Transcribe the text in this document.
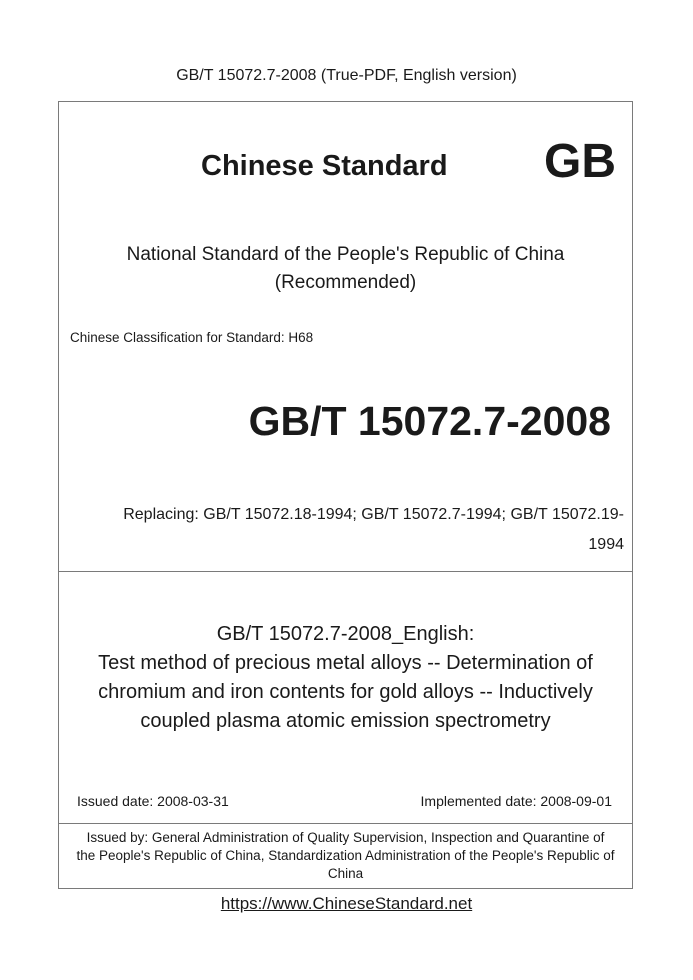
GB/T 15072.7-2008 (True-PDF, English version)
Chinese Standard GB
National Standard of the People's Republic of China
(Recommended)
Chinese Classification for Standard: H68
GB/T 15072.7-2008
Replacing: GB/T 15072.18-1994; GB/T 15072.7-1994; GB/T 15072.19-
1994
GB/T 15072.7-2008_English:
Test method of precious metal alloys -- Determination of
chromium and iron contents for gold alloys -- Inductively
coupled plasma atomic emission spectrometry
Issued date: 2008-03-31	Implemented date: 2008-09-01
Issued by: General Administration of Quality Supervision, Inspection and Quarantine of
the People's Republic of China, Standardization Administration of the People's Republic of
China
https://www.ChineseStandard.net
